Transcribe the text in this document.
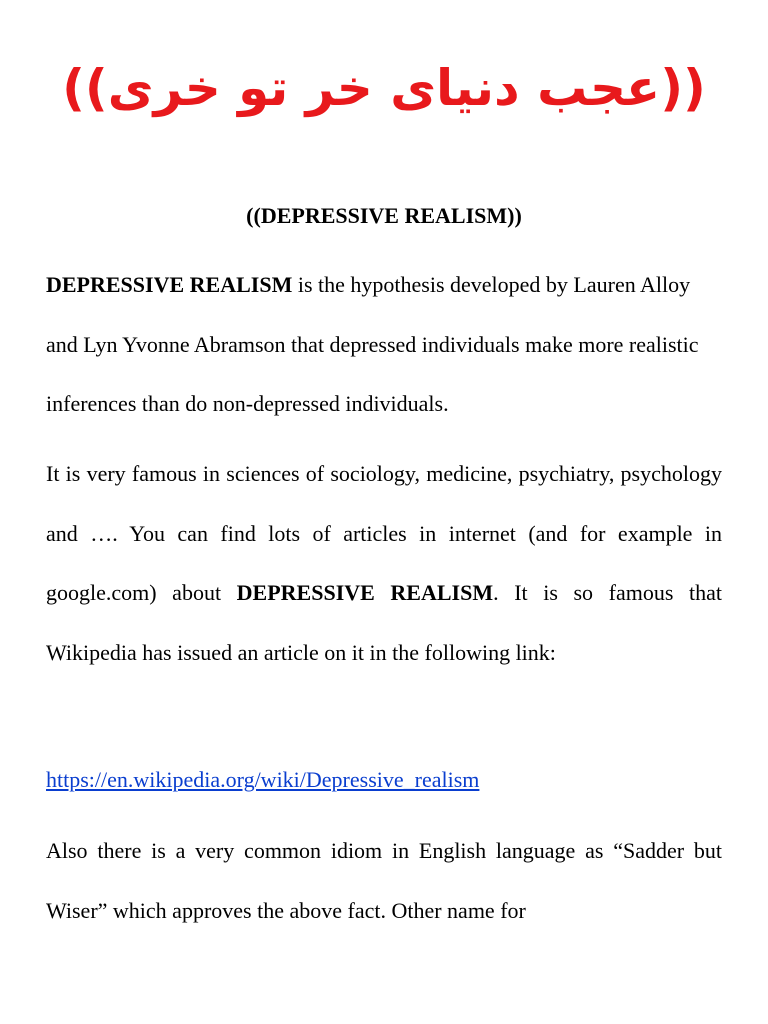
((عجب دنیای خر تو خری))
((DEPRESSIVE REALISM))

DEPRESSIVE REALISM is the hypothesis developed by Lauren Alloy and Lyn Yvonne Abramson that depressed individuals make more realistic inferences than do non-depressed individuals.

It is very famous in sciences of sociology, medicine, psychiatry, psychology and …. You can find lots of articles in internet (and for example in google.com) about DEPRESSIVE REALISM. It is so famous that Wikipedia has issued an article on it in the following link:

https://en.wikipedia.org/wiki/Depressive_realism

Also there is a very common idiom in English language as “Sadder but Wiser” which approves the above fact. Other name for
